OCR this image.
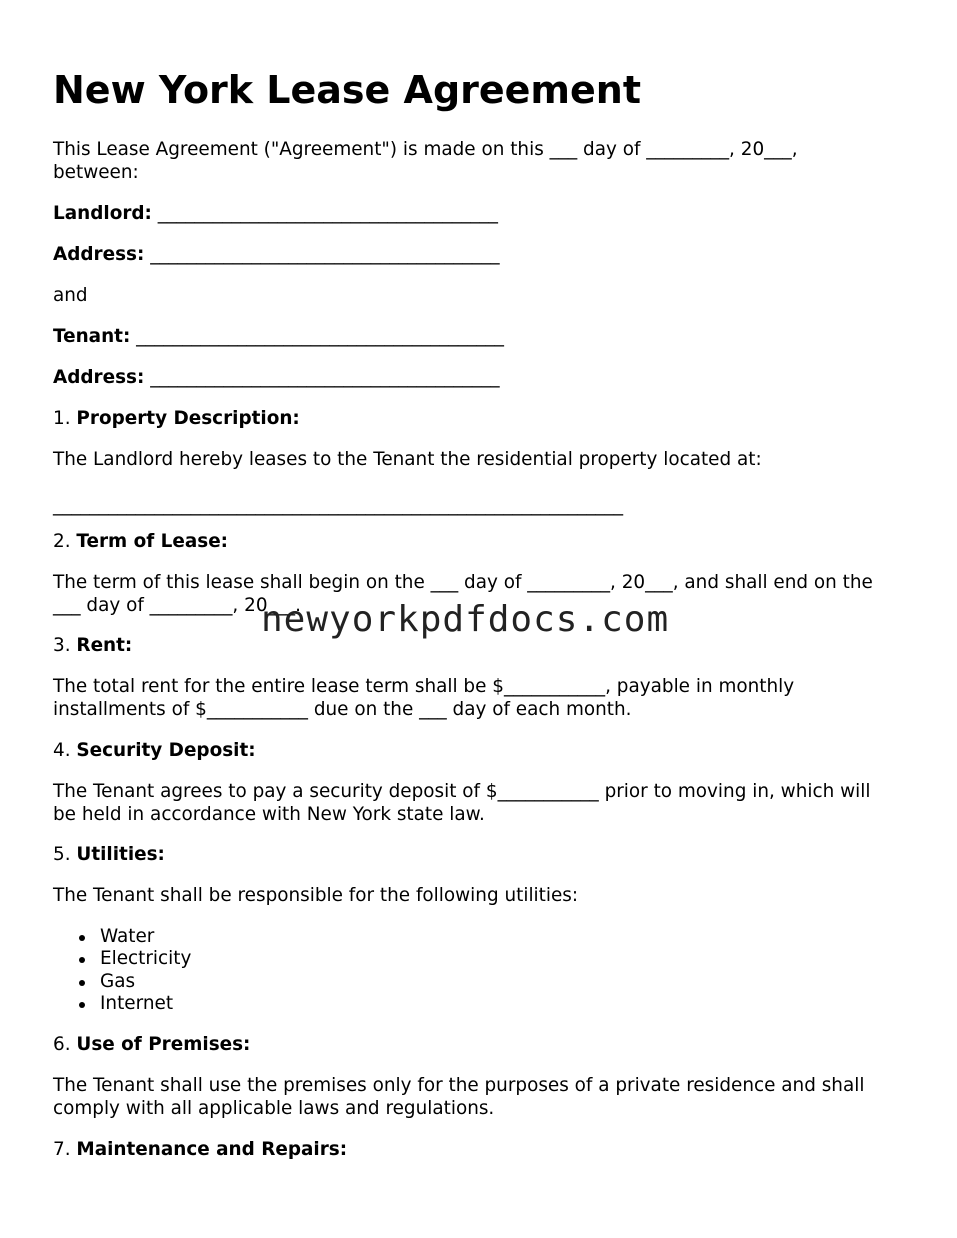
New York Lease Agreement

This Lease Agreement ("Agreement") is made on this ___ day of _________, 20___,
between:

Landlord: _____________________________________

Address: ______________________________________

and

Tenant: ________________________________________

Address: ______________________________________

1. Property Description:

The Landlord hereby leases to the Tenant the residential property located at:

______________________________________________________________

2. Term of Lease:

The term of this lease shall begin on the ___ day of _________, 20___, and shall end on the
___ day of _________, 20___.

3. Rent:

The total rent for the entire lease term shall be $___________, payable in monthly
installments of $___________ due on the ___ day of each month.

4. Security Deposit:

The Tenant agrees to pay a security deposit of $___________ prior to moving in, which will
be held in accordance with New York state law.

5. Utilities:

The Tenant shall be responsible for the following utilities:

Water
Electricity
Gas
Internet

6. Use of Premises:

The Tenant shall use the premises only for the purposes of a private residence and shall
comply with all applicable laws and regulations.

7. Maintenance and Repairs:

newyorkpdfdocs.com
